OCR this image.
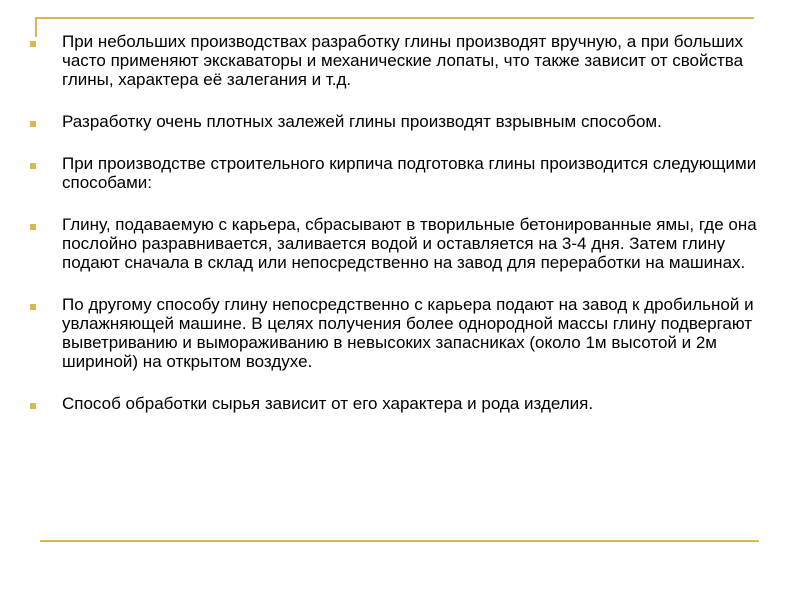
При небольших производствах разработку глины производят вручную, а при больших часто применяют экскаваторы и механические лопаты, что также зависит от свойства глины, характера её залегания и т.д.
Разработку очень плотных залежей глины производят взрывным способом.
При производстве строительного кирпича подготовка глины производится следующими способами:
Глину, подаваемую с карьера, сбрасывают в творильные бетонированные ямы, где она послойно разравнивается, заливается водой и оставляется на 3-4 дня. Затем глину подают сначала в склад или непосредственно на завод для переработки на машинах.
По другому способу глину непосредственно с карьера подают на завод к дробильной и увлажняющей машине. В целях получения более однородной массы глину подвергают выветриванию и вымораживанию в невысоких запасниках (около 1м высотой и 2м шириной) на открытом воздухе.
Способ обработки сырья зависит от его характера и рода изделия.
